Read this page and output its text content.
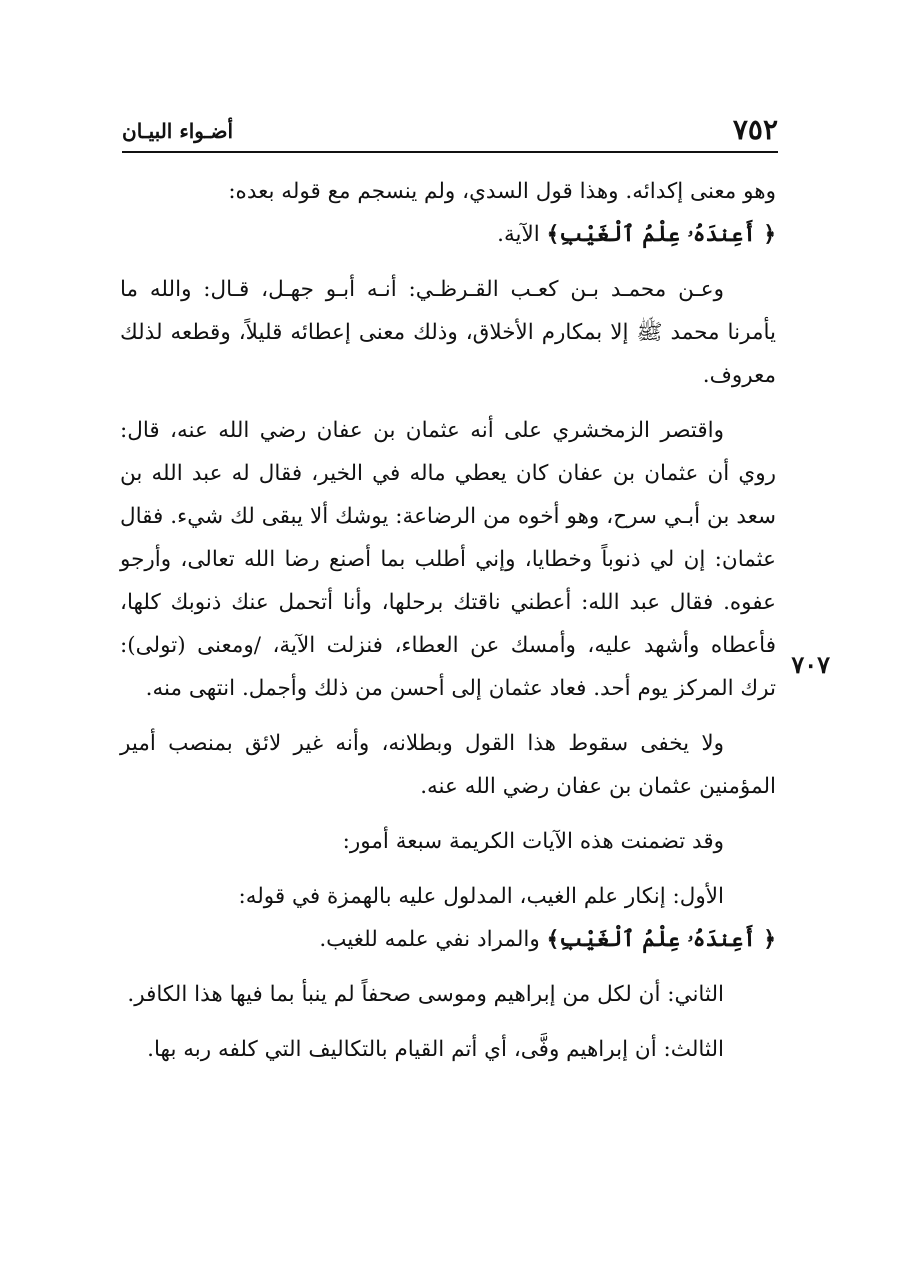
٧٥٢
أضـواء البيـان
٧٠٧

وهو معنى إكدائه. وهذا قول السدي، ولم ينسجم مع قوله بعده:
﴿ أَعِندَهُۥ عِلْمُ ٱلْغَيْبِ﴾ الآية.

وعـن محمـد بـن كعـب القـرظـي: أنـه أبـو جهـل، قـال: والله ما يأمرنا محمد ﷺ إلا بمكارم الأخلاق، وذلك معنى إعطائه قليلاً، وقطعه لذلك معروف.

واقتصر الزمخشري على أنه عثمان بن عفان رضي الله عنه، قال: روي أن عثمان بن عفان كان يعطي ماله في الخير، فقال له عبد الله بن سعد بن أبـي سرح، وهو أخوه من الرضاعة: يوشك ألا يبقى لك شيء. فقال عثمان: إن لي ذنوباً وخطايا، وإني أطلب بما أصنع رضا الله تعالى، وأرجو عفوه. فقال عبد الله: أعطني ناقتك برحلها، وأنا أتحمل عنك ذنوبك كلها، فأعطاه وأشهد عليه، وأمسك عن العطاء، فنزلت الآية، /ومعنى (تولى): ترك المركز يوم أحد. فعاد عثمان إلى أحسن من ذلك وأجمل. انتهى منه.

ولا يخفى سقوط هذا القول وبطلانه، وأنه غير لائق بمنصب أمير المؤمنين عثمان بن عفان رضي الله عنه.

وقد تضمنت هذه الآيات الكريمة سبعة أمور:

الأول: إنكار علم الغيب، المدلول عليه بالهمزة في قوله:
﴿ أَعِندَهُۥ عِلْمُ ٱلْغَيْبِ﴾ والمراد نفي علمه للغيب.

الثاني: أن لكل من إبراهيم وموسى صحفاً لم ينبأ بما فيها هذا الكافر.

الثالث: أن إبراهيم وفَّى، أي أتم القيام بالتكاليف التي كلفه ربه بها.
